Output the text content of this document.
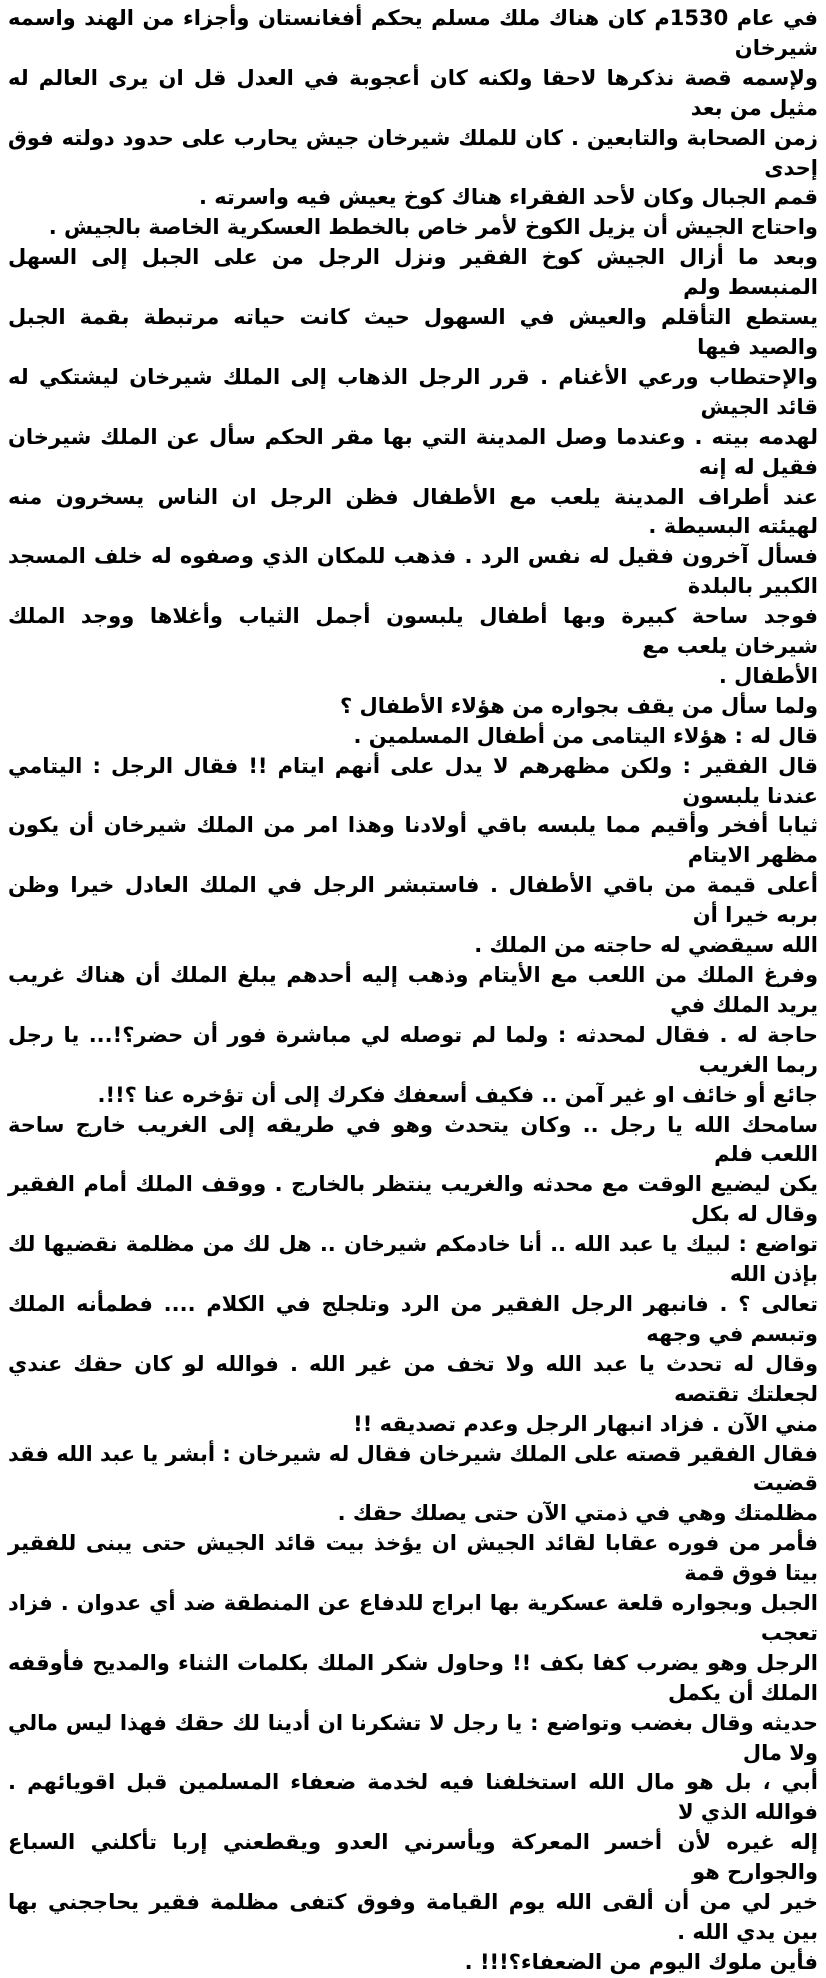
في عام 1530م كان هناك ملك مسلم يحكم أفغانستان وأجزاء من الهند واسمه شيرخان
ولإسمه قصة نذكرها لاحقا ولكنه كان أعجوبة في العدل قل ان يرى العالم له مثيل من بعد
زمن الصحابة والتابعين . كان للملك شيرخان جيش يحارب على حدود دولته فوق إحدى
قمم الجبال وكان لأحد الفقراء هناك كوخ يعيش فيه واسرته .

واحتاج الجيش أن يزيل الكوخ لأمر خاص بالخطط العسكرية الخاصة بالجيش .
وبعد ما أزال الجيش كوخ الفقير ونزل الرجل من على الجبل إلى السهل المنبسط ولم
يستطع التأقلم والعيش في السهول حيث كانت حياته مرتبطة بقمة الجبل والصيد فيها
والإحتطاب ورعي الأغنام . قرر الرجل الذهاب إلى الملك شيرخان ليشتكي له قائد الجيش
لهدمه بيته . وعندما وصل المدينة التي بها مقر الحكم سأل عن الملك شيرخان فقيل له إنه
عند أطراف المدينة يلعب مع الأطفال فظن الرجل ان الناس يسخرون منه لهيئته البسيطة .
فسأل آخرون فقيل له نفس الرد . فذهب للمكان الذي وصفوه له خلف المسجد الكبير بالبلدة
فوجد ساحة كبيرة وبها أطفال يلبسون أجمل الثياب وأغلاها ووجد الملك شيرخان يلعب مع
الأطفال .

ولما سأل من يقف بجواره من هؤلاء الأطفال ؟
قال له : هؤلاء اليتامى من أطفال المسلمين .

قال الفقير : ولكن مظهرهم لا يدل على أنهم ايتام !! فقال الرجل : اليتامي عندنا يلبسون
ثيابا أفخر وأقيم مما يلبسه باقي أولادنا وهذا امر من الملك شيرخان أن يكون مظهر الايتام
أعلى قيمة من باقي الأطفال . فاستبشر الرجل في الملك العادل خيرا وظن بربه خيرا أن
الله سيقضي له حاجته من الملك .

وفرغ الملك من اللعب مع الأيتام وذهب إليه أحدهم يبلغ الملك أن هناك غريب يريد الملك في
حاجة له . فقال لمحدثه : ولما لم توصله لي مباشرة فور أن حضر؟!... يا رجل ربما الغريب
جائع أو خائف او غير آمن .. فكيف أسعفك فكرك إلى أن تؤخره عنا ؟!!.

سامحك الله يا رجل .. وكان يتحدث وهو في طريقه إلى الغريب خارج ساحة اللعب فلم
يكن ليضيع الوقت مع محدثه والغريب ينتظر بالخارج . ووقف الملك أمام الفقير وقال له بكل
تواضع : لبيك يا عبد الله .. أنا خادمكم شيرخان .. هل لك من مظلمة نقضيها لك بإذن الله
تعالى ؟ . فانبهر الرجل الفقير من الرد وتلجلج في الكلام .... فطمأنه الملك وتبسم في وجهه
وقال له تحدث يا عبد الله ولا تخف من غير الله . فوالله لو كان حقك عندي لجعلتك تقتصه
مني الآن . فزاد انبهار الرجل وعدم تصديقه !!

فقال الفقير قصته على الملك شيرخان فقال له شيرخان : أبشر يا عبد الله فقد قضيت
مظلمتك وهي في ذمتي الآن حتى يصلك حقك .

فأمر من فوره عقابا لقائد الجيش ان يؤخذ بيت قائد الجيش حتى يبنى للفقير بيتا فوق قمة
الجبل وبجواره قلعة عسكرية بها ابراج للدفاع عن المنطقة ضد أي عدوان . فزاد تعجب
الرجل وهو يضرب كفا بكف !! وحاول شكر الملك بكلمات الثناء والمديح فأوقفه الملك أن يكمل
حديثه وقال بغضب وتواضع : يا رجل لا تشكرنا ان أدينا لك حقك فهذا ليس مالي ولا مال
أبي ، بل هو مال الله استخلفنا فيه لخدمة ضعفاء المسلمين قبل اقويائهم . فوالله الذي لا
إله غيره لأن أخسر المعركة ويأسرني العدو ويقطعني إربا تأكلني السباع والجوارح هو
خير لي من أن ألقى الله يوم القيامة وفوق كتفى مظلمة فقير يحاججني بها بين يدي الله .
فأين ملوك اليوم من الضعفاء؟!!! .
